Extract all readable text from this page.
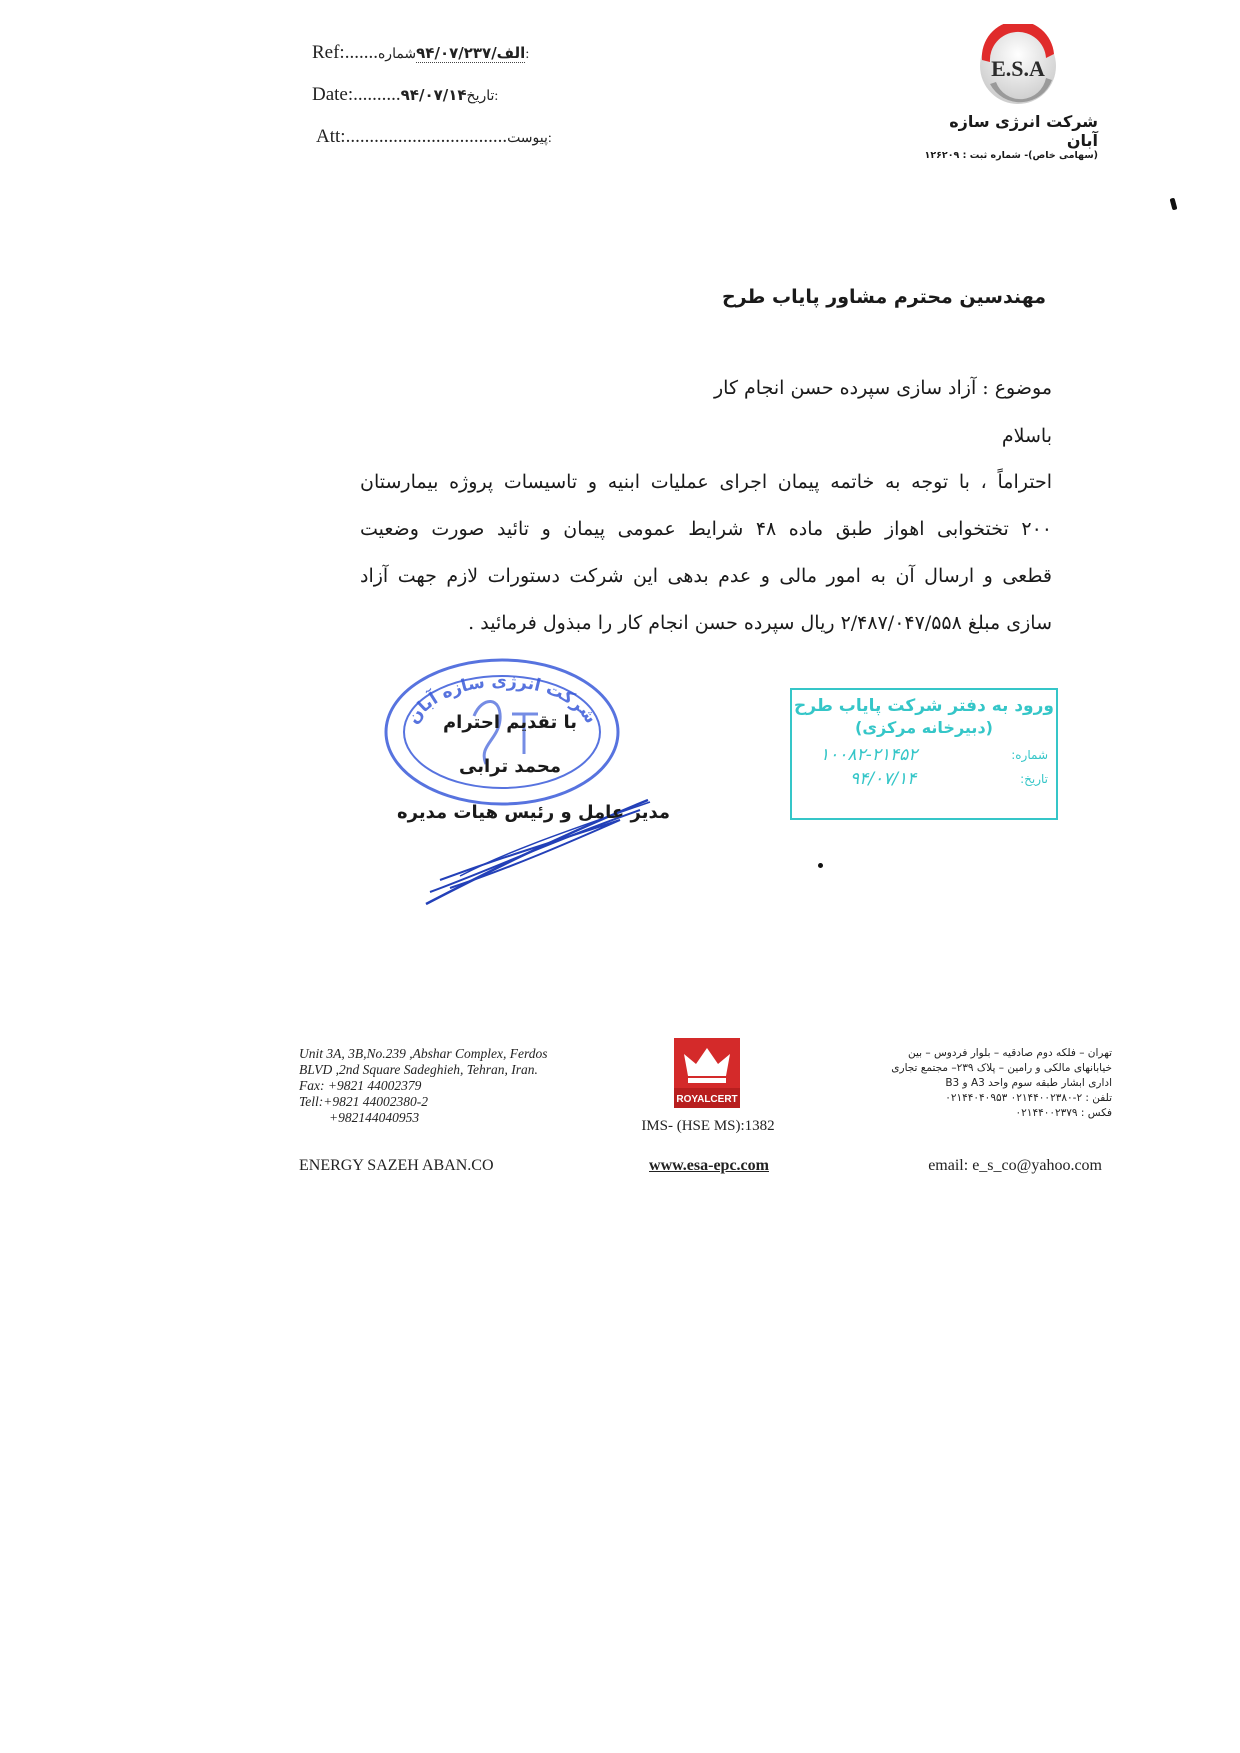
Ref:.......	الف/۹۴/۰۷/۲۳۷شماره:
Date:..........۹۴/۰۷/۱۴تاریخ:
Att:..................................پیوست:
E.S.A
شرکت انرژی سازه آبان
(سهامی خاص)- شماره ثبت : ۱۲۶۲۰۹
مهندسین محترم مشاور پایاب طرح
موضوع : آزاد سازی سپرده حسن انجام کار
باسلام
احتراماً ، با توجه به خاتمه پیمان اجرای عملیات ابنیه و تاسیسات پروژه بیمارستان
۲۰۰ تختخوابی اهواز طبق ماده ۴۸ شرایط عمومی پیمان و تائید صورت وضعیت
قطعی و ارسال آن به امور مالی و عدم بدهی این شرکت دستورات لازم جهت آزاد
سازی مبلغ ۲/۴۸۷/۰۴۷/۵۵۸ ریال سپرده حسن انجام کار را مبذول فرمائید .
شرکت انرژی سازه آبان
با تقدیم احترام
محمد ترابی
مدیر عامل و رئیس هیات مدیره
ورود به دفتر شرکت پایاب طرح
(دبیرخانه مرکزی)
شماره:
۱۰۰۸۲-۲۱۴۵۲
تاریخ:
۹۴/۰۷/۱۴
Unit 3A, 3B,No.239 ,Abshar Complex, Ferdos
BLVD ,2nd Square Sadeghieh, Tehran, Iran.
Fax: +9821 44002379
Tell:+9821 44002380-2
+982144040953
ENERGY SAZEH ABAN.CO
ROYALCERT
IMS- (HSE MS):1382
www.esa-epc.com
تهران – فلکه دوم صادقیه – بلوار فردوس – بین
خیابانهای مالکی و رامین – پلاک ۲۳۹– مجتمع تجاری
اداری ابشار طبقه سوم واحد A3 و B3
تلفن : ۲-۰۲۱۴۴۰۰۲۳۸۰ ۰۲۱۴۴۰۴۰۹۵۳
فکس : ۰۲۱۴۴۰۰۲۳۷۹
email: e_s_co@yahoo.com
